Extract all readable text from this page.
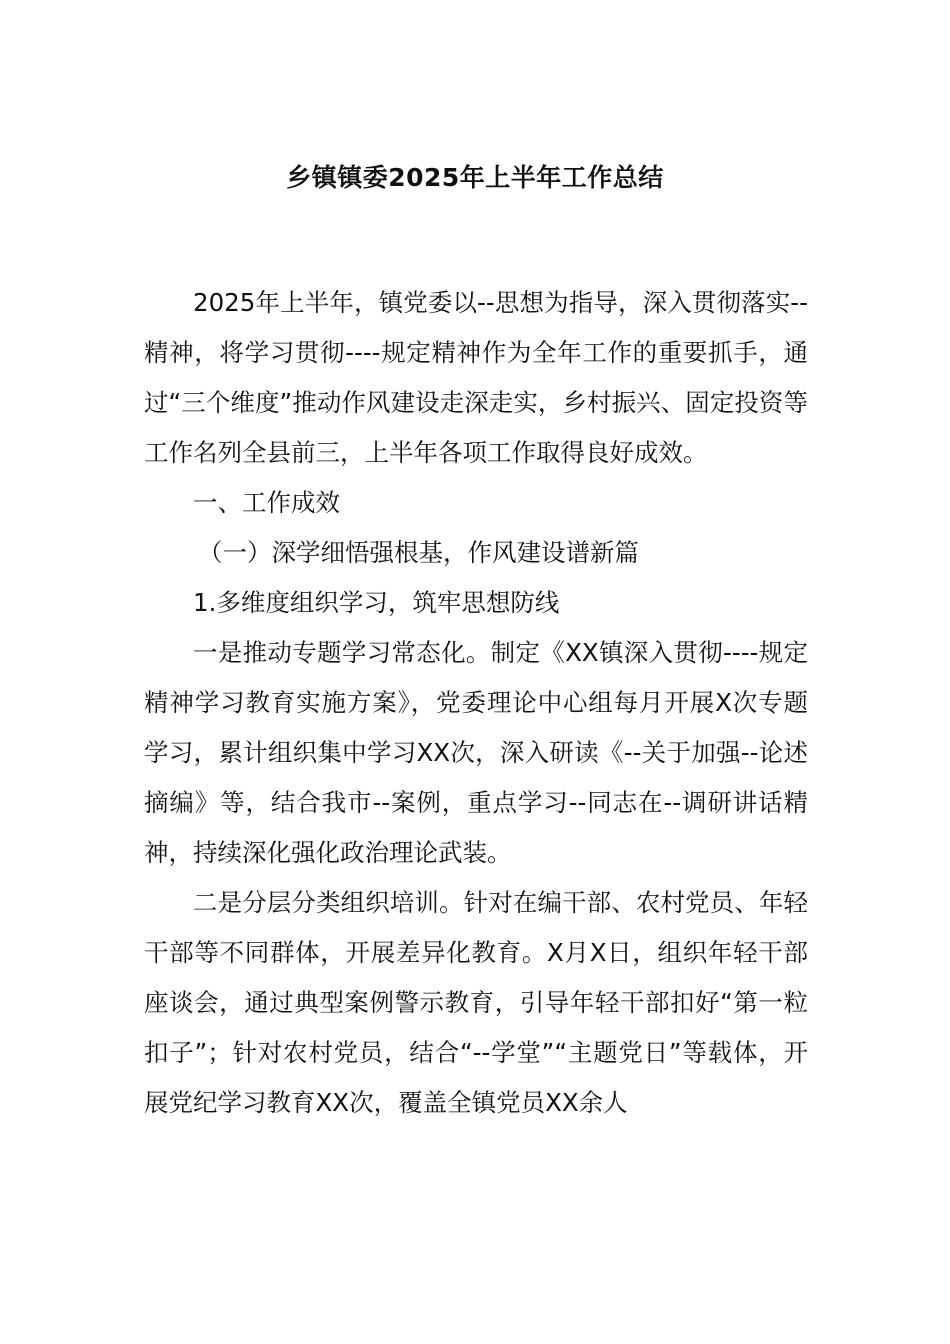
乡镇镇委2025年上半年工作总结

2025年上半年，镇党委以--思想为指导，深入贯彻落实--精神，将学习贯彻----规定精神作为全年工作的重要抓手，通过“三个维度”推动作风建设走深走实，乡村振兴、固定投资等工作名列全县前三，上半年各项工作取得良好成效。

一、工作成效

（一）深学细悟强根基，作风建设谱新篇

1.多维度组织学习，筑牢思想防线

一是推动专题学习常态化。制定《XX镇深入贯彻----规定精神学习教育实施方案》，党委理论中心组每月开展X次专题学习，累计组织集中学习XX次，深入研读《--关于加强--论述摘编》等，结合我市--案例，重点学习--同志在--调研讲话精神，持续深化强化政治理论武装。

二是分层分类组织培训。针对在编干部、农村党员、年轻干部等不同群体，开展差异化教育。X月X日，组织年轻干部座谈会，通过典型案例警示教育，引导年轻干部扣好“第一粒扣子”；针对农村党员，结合“--学堂”“主题党日”等载体，开展党纪学习教育XX次，覆盖全镇党员XX余人
